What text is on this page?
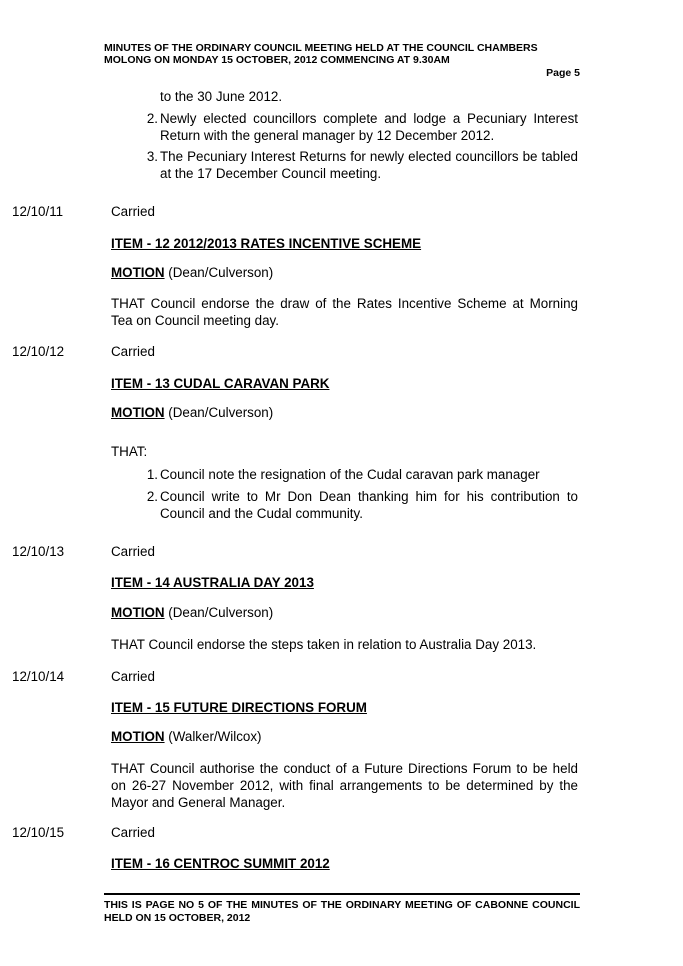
MINUTES OF THE ORDINARY COUNCIL MEETING HELD AT THE COUNCIL CHAMBERS
MOLONG ON MONDAY 15 OCTOBER, 2012 COMMENCING AT 9.30AM
Page 5
to the 30 June 2012.
2. Newly elected councillors complete and lodge a Pecuniary Interest Return with the general manager by 12 December 2012.
3. The Pecuniary Interest Returns for newly elected councillors be tabled at the 17 December Council meeting.
12/10/11	Carried
ITEM - 12 2012/2013 RATES INCENTIVE SCHEME
MOTION (Dean/Culverson)
THAT Council endorse the draw of the Rates Incentive Scheme at Morning Tea on Council meeting day.
12/10/12	Carried
ITEM - 13 CUDAL CARAVAN PARK
MOTION (Dean/Culverson)
THAT:
1. Council note the resignation of the Cudal caravan park manager
2. Council write to Mr Don Dean thanking him for his contribution to Council and the Cudal community.
12/10/13	Carried
ITEM - 14 AUSTRALIA DAY 2013
MOTION (Dean/Culverson)
THAT Council endorse the steps taken in relation to Australia Day 2013.
12/10/14	Carried
ITEM - 15 FUTURE DIRECTIONS FORUM
MOTION (Walker/Wilcox)
THAT Council authorise the conduct of a Future Directions Forum to be held on 26-27 November 2012, with final arrangements to be determined by the Mayor and General Manager.
12/10/15	Carried
ITEM - 16 CENTROC SUMMIT 2012
THIS IS PAGE NO 5 OF THE MINUTES OF THE ORDINARY MEETING OF CABONNE COUNCIL HELD ON 15 OCTOBER, 2012
